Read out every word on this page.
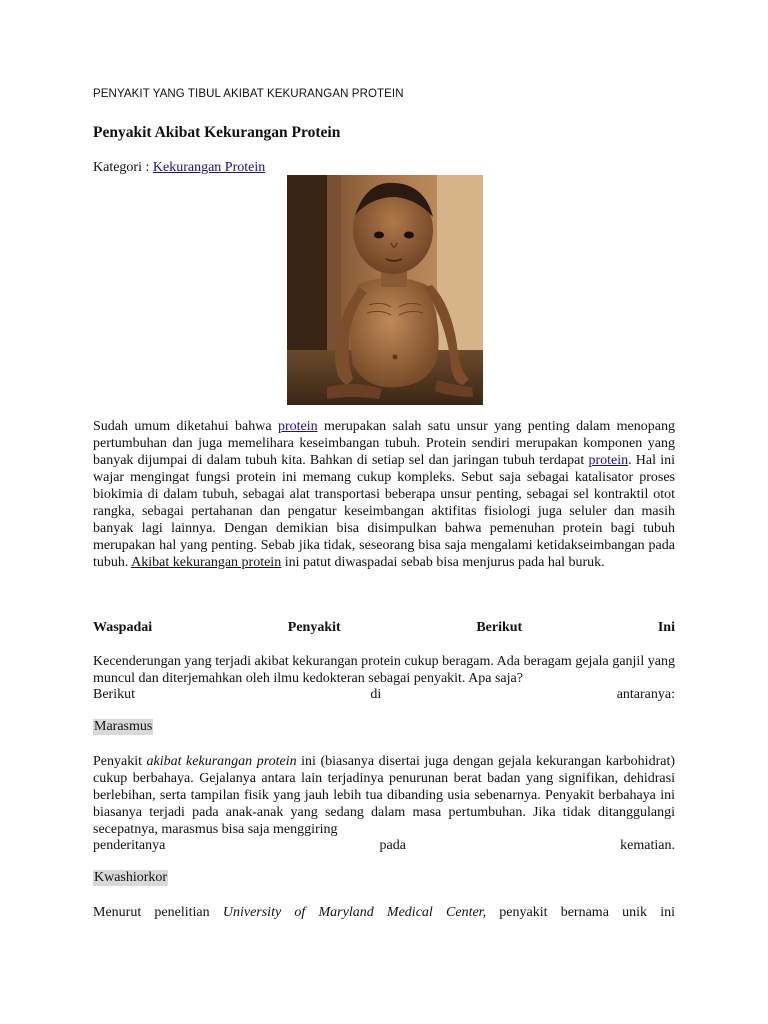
PENYAKIT YANG TIBUL AKIBAT KEKURANGAN PROTEIN
Penyakit Akibat Kekurangan Protein
Kategori : Kekurangan Protein
Sudah umum diketahui bahwa protein merupakan salah satu unsur yang penting dalam menopang pertumbuhan dan juga memelihara keseimbangan tubuh. Protein sendiri merupakan komponen yang banyak dijumpai di dalam tubuh kita. Bahkan di setiap sel dan jaringan tubuh terdapat protein. Hal ini wajar mengingat fungsi protein ini memang cukup kompleks. Sebut saja sebagai katalisator proses biokimia di dalam tubuh, sebagai alat transportasi beberapa unsur penting, sebagai sel kontraktil otot rangka, sebagai pertahanan dan pengatur keseimbangan aktifitas fisiologi juga seluler dan masih banyak lagi lainnya. Dengan demikian bisa disimpulkan bahwa pemenuhan protein bagi tubuh merupakan hal yang penting. Sebab jika tidak, seseorang bisa saja mengalami ketidakseimbangan pada tubuh. Akibat kekurangan protein ini patut diwaspadai sebab bisa menjurus pada hal buruk.
Waspadai	Penyakit	Berikut	Ini
Kecenderungan yang terjadi akibat kekurangan protein cukup beragam. Ada beragam gejala ganjil yang muncul dan diterjemahkan oleh ilmu kedokteran sebagai penyakit. Apa saja?
Berikut	di	antaranya:
Marasmus
Penyakit akibat kekurangan protein ini (biasanya disertai juga dengan gejala kekurangan karbohidrat) cukup berbahaya. Gejalanya antara lain terjadinya penurunan berat badan yang signifikan, dehidrasi berlebihan, serta tampilan fisik yang jauh lebih tua dibanding usia sebenarnya. Penyakit berbahaya ini biasanya terjadi pada anak-anak yang sedang dalam masa pertumbuhan. Jika tidak ditanggulangi secepatnya, marasmus bisa saja menggiring
penderitanya	pada	kematian.
Kwashiorkor
Menurut penelitian University of Maryland Medical Center, penyakit bernama unik ini
